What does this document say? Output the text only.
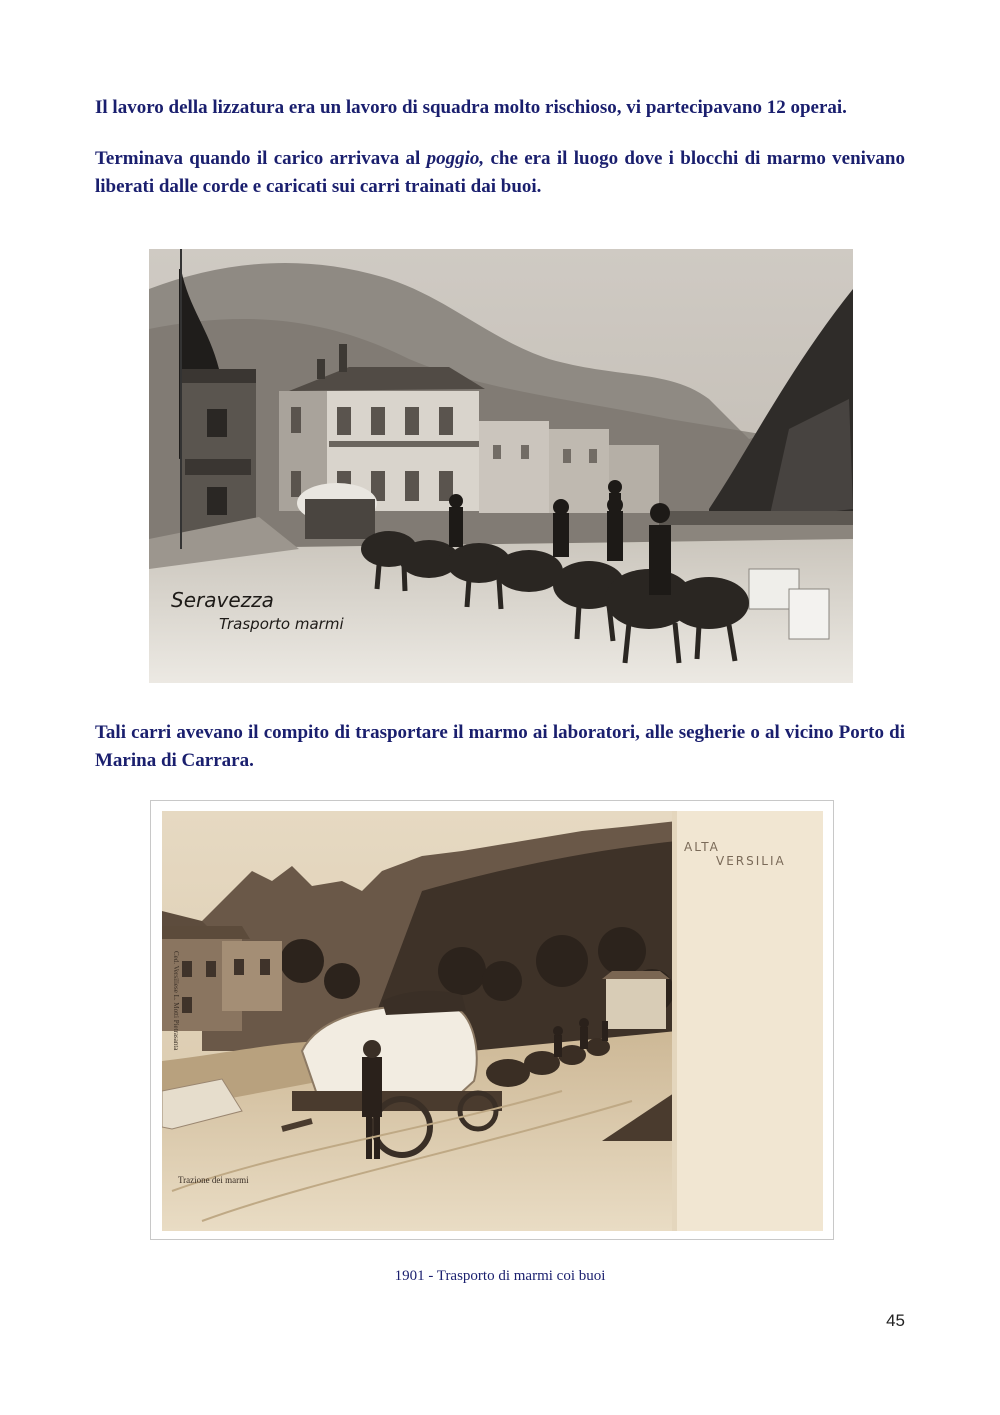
Il lavoro della lizzatura era un lavoro di squadra molto rischioso, vi partecipavano 12 operai.

Terminava quando il carico arrivava al poggio, che era il luogo dove i blocchi di marmo venivano liberati dalle corde e caricati sui carri trainati dai buoi.

Seravezza
Trasporto marmi

Tali carri avevano il compito di trasportare il marmo ai laboratori, alle segherie o al vicino Porto di Marina di Carrara.

ALTA
VERSILIA
Trazione dei marmi
Ced. Versiliese L. Motti Pietrasanta
1901 - Trasporto di marmi coi buoi
45
